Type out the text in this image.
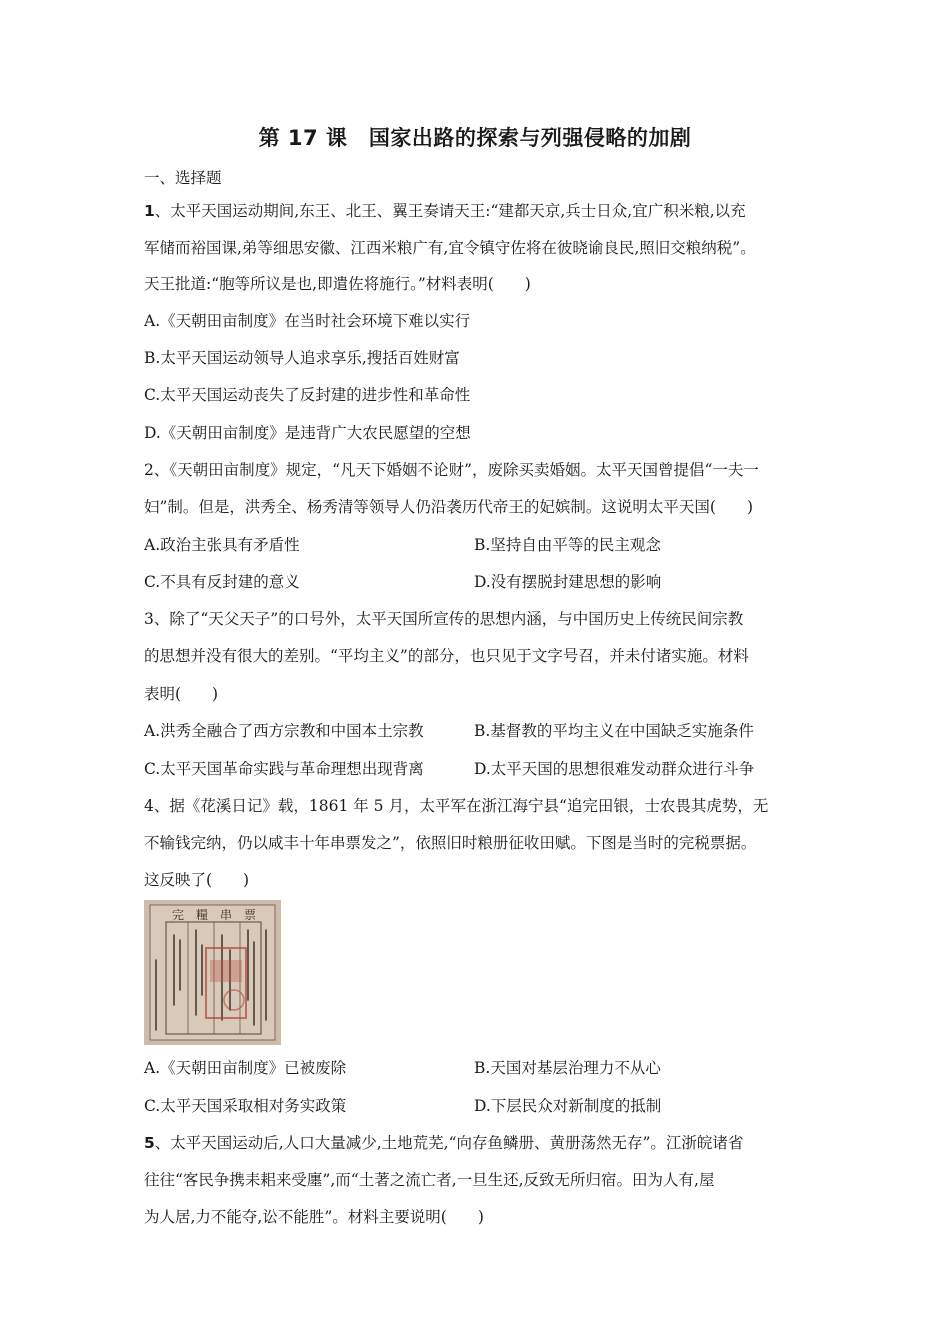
第 17 课　国家出路的探索与列强侵略的加剧
一、选择题
1、太平天国运动期间,东王、北王、翼王奏请天王:“建都天京,兵士日众,宜广积米粮,以充
军储而裕国课,弟等细思安徽、江西米粮广有,宜令镇守佐将在彼晓谕良民,照旧交粮纳税”。
天王批道:“胞等所议是也,即遣佐将施行。”材料表明(　　)
A.《天朝田亩制度》在当时社会环境下难以实行
B.太平天国运动领导人追求享乐,搜括百姓财富
C.太平天国运动丧失了反封建的进步性和革命性
D.《天朝田亩制度》是违背广大农民愿望的空想
2、《天朝田亩制度》规定，“凡天下婚姻不论财”，废除买卖婚姻。太平天国曾提倡“一夫一
妇”制。但是，洪秀全、杨秀清等领导人仍沿袭历代帝王的妃嫔制。这说明太平天国(　　)
A.政治主张具有矛盾性	B.坚持自由平等的民主观念
C.不具有反封建的意义	D.没有摆脱封建思想的影响
3、除了“天父天子”的口号外，太平天国所宣传的思想内涵，与中国历史上传统民间宗教
的思想并没有很大的差别。“平均主义”的部分，也只见于文字号召，并未付诸实施。材料
表明(　　)
A.洪秀全融合了西方宗教和中国本土宗教	B.基督教的平均主义在中国缺乏实施条件
C.太平天国革命实践与革命理想出现背离	D.太平天国的思想很难发动群众进行斗争
4、据《花溪日记》载，1861 年 5 月，太平军在浙江海宁县“追完田银，士农畏其虎势，无
不输钱完纳，仍以咸丰十年串票发之”，依照旧时粮册征收田赋。下图是当时的完税票据。
这反映了(　　)
完糧串票
A.《天朝田亩制度》已被废除	B.天国对基层治理力不从心
C.太平天国采取相对务实政策	D.下层民众对新制度的抵制
5、太平天国运动后,人口大量减少,土地荒芜,“向存鱼鳞册、黄册荡然无存”。江浙皖诸省
往往“客民争携耒耜来受廛”,而“土著之流亡者,一旦生还,反致无所归宿。田为人有,屋
为人居,力不能夺,讼不能胜”。材料主要说明(　　)
